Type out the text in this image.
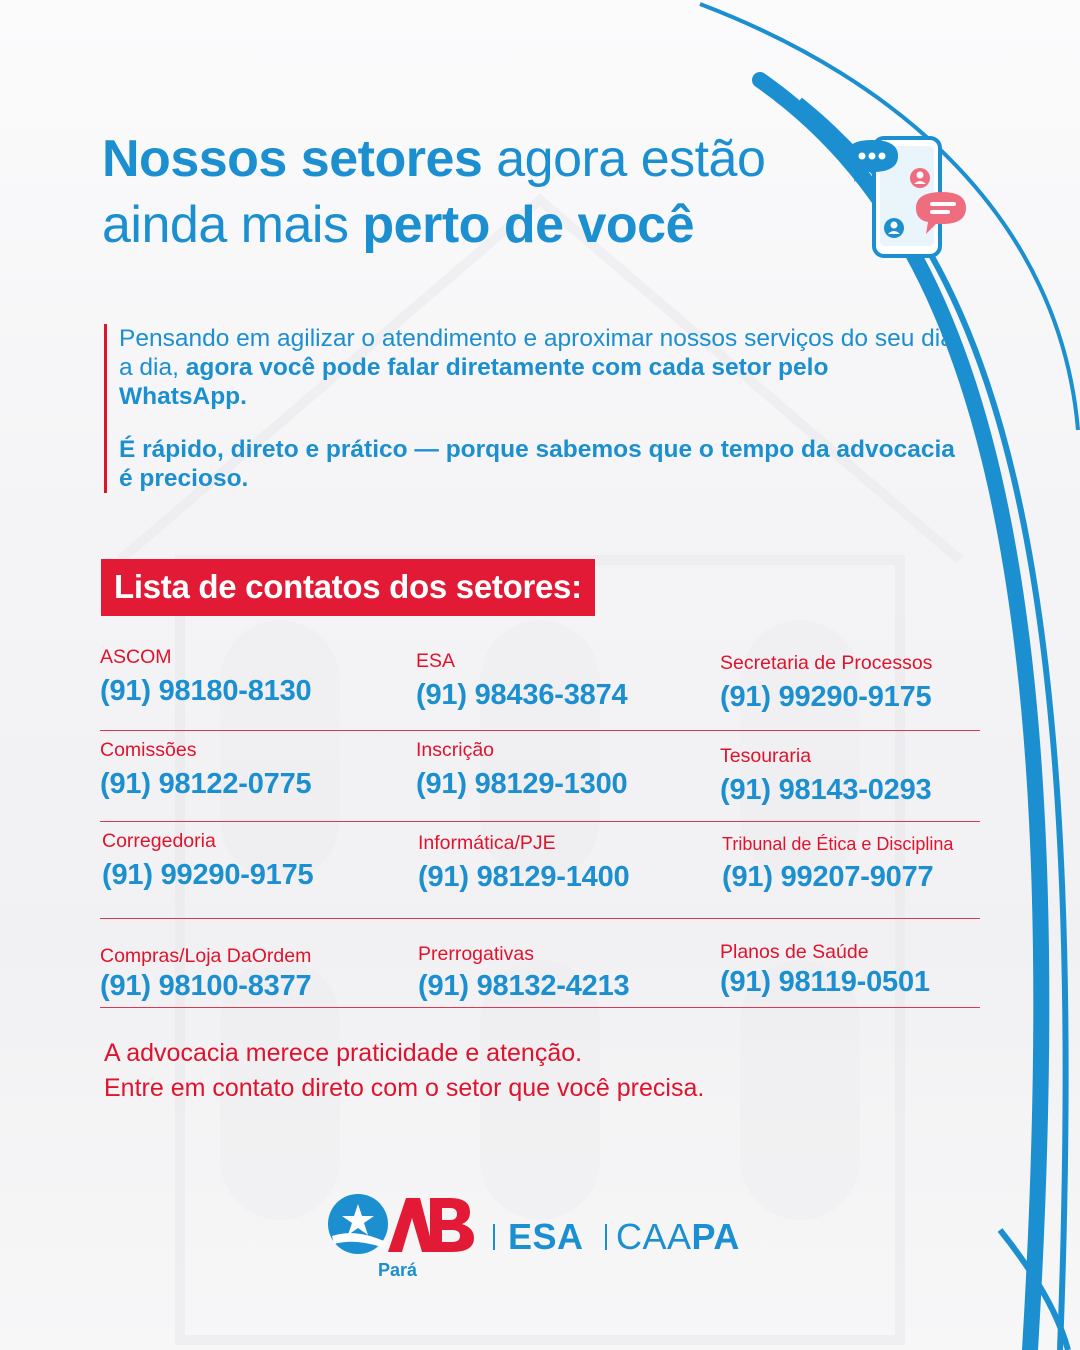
Nossos setores agora estão
ainda mais perto de você

Pensando em agilizar o atendimento e aproximar nossos serviços do seu dia a dia, agora você pode falar diretamente com cada setor pelo WhatsApp.

É rápido, direto e prático — porque sabemos que o tempo da advocacia é precioso.

Lista de contatos dos setores:
ASCOM
(91) 98180-8130
ESA
(91) 98436-3874
Secretaria de Processos
(91) 99290-9175
Comissões
(91) 98122-0775
Inscrição
(91) 98129-1300
Tesouraria
(91) 98143-0293
Corregedoria
(91) 99290-9175
Informática/PJE
(91) 98129-1400
Tribunal de Ética e Disciplina
(91) 99207-9077
Compras/Loja DaOrdem
(91) 98100-8377
Prerrogativas
(91) 98132-4213
Planos de Saúde
(91) 98119-0501
A advocacia merece praticidade e atenção.
Entre em contato direto com o setor que você precisa.
Pará
ESA CAAPA
